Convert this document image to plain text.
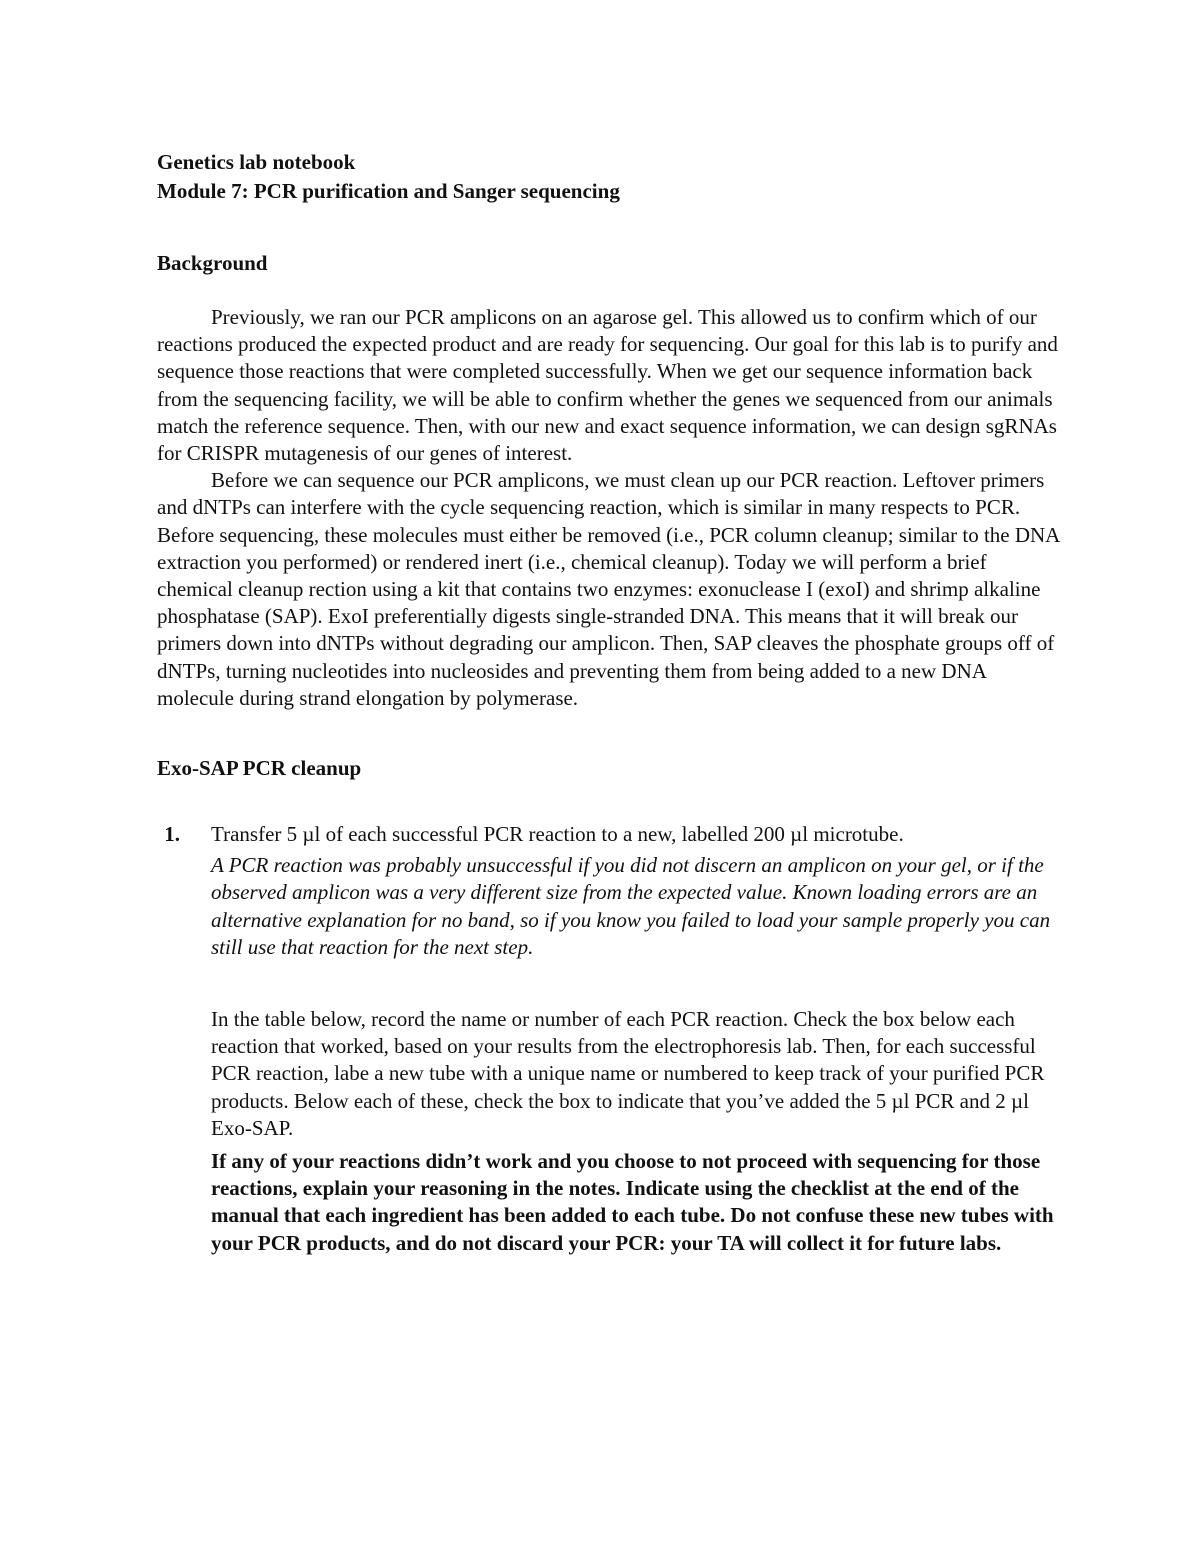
Genetics lab notebook
Module 7: PCR purification and Sanger sequencing
Background

Previously, we ran our PCR amplicons on an agarose gel. This allowed us to confirm which of our reactions produced the expected product and are ready for sequencing. Our goal for this lab is to purify and sequence those reactions that were completed successfully. When we get our sequence information back from the sequencing facility, we will be able to confirm whether the genes we sequenced from our animals match the reference sequence. Then, with our new and exact sequence information, we can design sgRNAs for CRISPR mutagenesis of our genes of interest.

Before we can sequence our PCR amplicons, we must clean up our PCR reaction. Leftover primers and dNTPs can interfere with the cycle sequencing reaction, which is similar in many respects to PCR. Before sequencing, these molecules must either be removed (i.e., PCR column cleanup; similar to the DNA extraction you performed) or rendered inert (i.e., chemical cleanup). Today we will perform a brief chemical cleanup rection using a kit that contains two enzymes: exonuclease I (exoI) and shrimp alkaline phosphatase (SAP). ExoI preferentially digests single-stranded DNA. This means that it will break our primers down into dNTPs without degrading our amplicon. Then, SAP cleaves the phosphate groups off of dNTPs, turning nucleotides into nucleosides and preventing them from being added to a new DNA molecule during strand elongation by polymerase.

Exo-SAP PCR cleanup
1. Transfer 5 µl of each successful PCR reaction to a new, labelled 200 µl microtube.
A PCR reaction was probably unsuccessful if you did not discern an amplicon on your gel, or if the observed amplicon was a very different size from the expected value. Known loading errors are an alternative explanation for no band, so if you know you failed to load your sample properly you can still use that reaction for the next step.
In the table below, record the name or number of each PCR reaction. Check the box below each reaction that worked, based on your results from the electrophoresis lab. Then, for each successful PCR reaction, labe a new tube with a unique name or numbered to keep track of your purified PCR products. Below each of these, check the box to indicate that you’ve added the 5 µl PCR and 2 µl Exo-SAP.
If any of your reactions didn’t work and you choose to not proceed with sequencing for those reactions, explain your reasoning in the notes. Indicate using the checklist at the end of the manual that each ingredient has been added to each tube. Do not confuse these new tubes with your PCR products, and do not discard your PCR: your TA will collect it for future labs.
